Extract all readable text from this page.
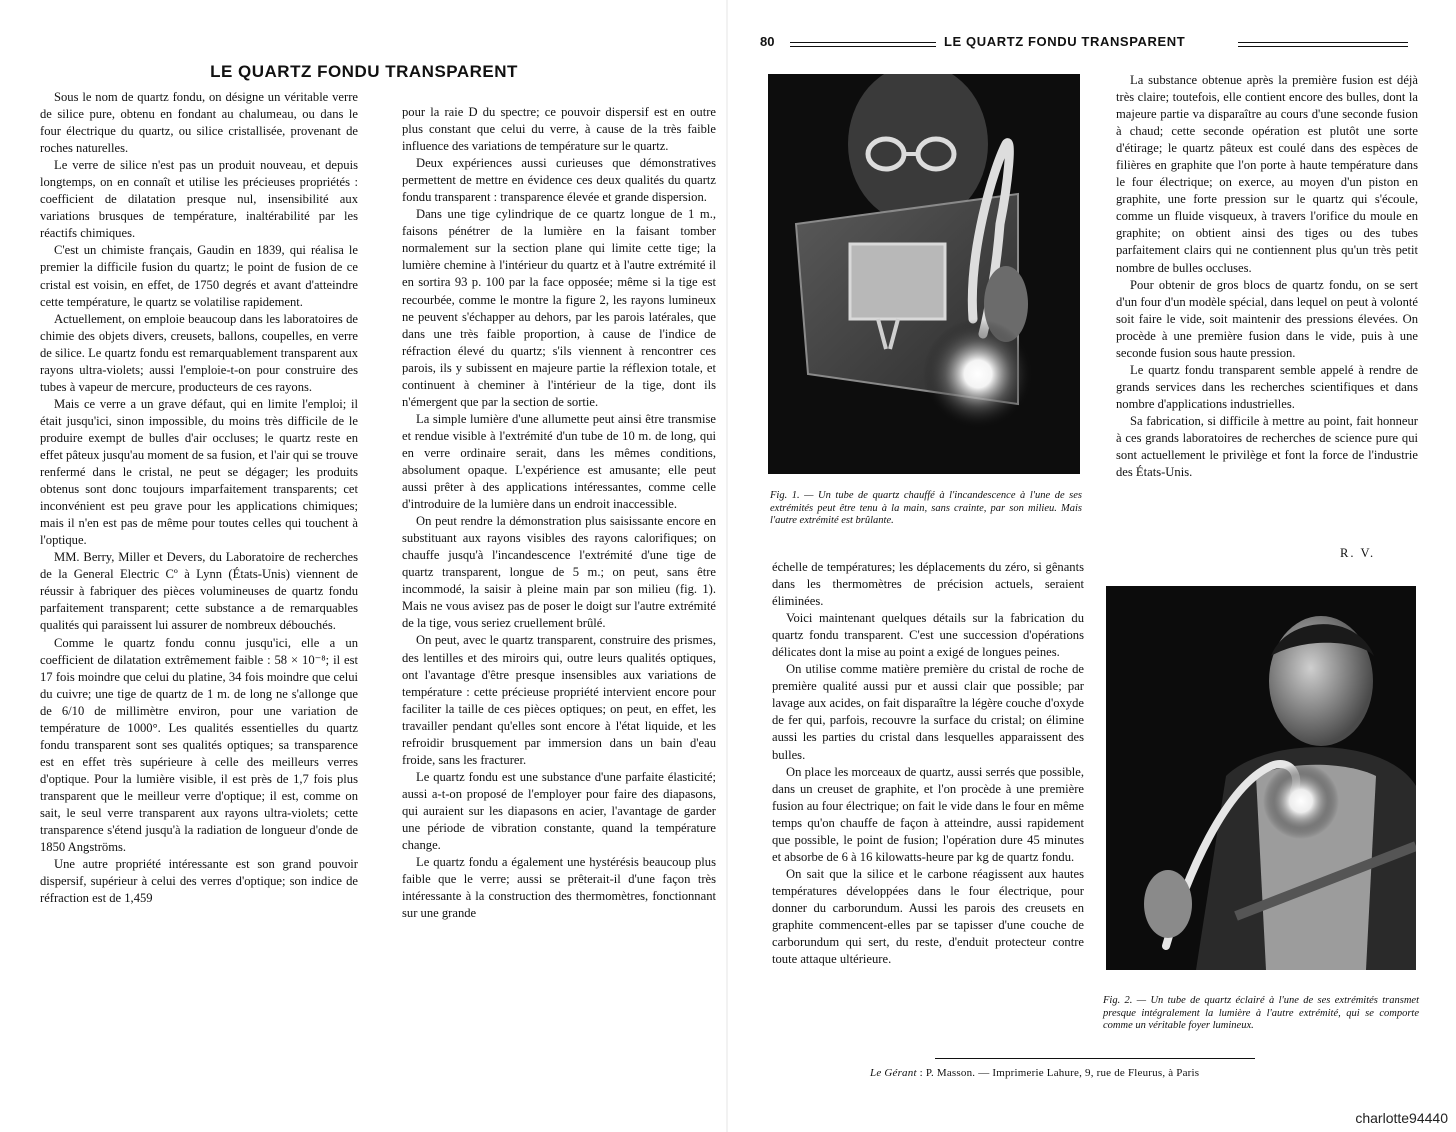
LE QUARTZ FONDU TRANSPARENT

Sous le nom de quartz fondu, on désigne un véritable verre de silice pure, obtenu en fondant au chalumeau, ou dans le four électrique du quartz, ou silice cristallisée, provenant de roches naturelles.

Le verre de silice n'est pas un produit nouveau, et depuis longtemps, on en connaît et utilise les précieuses propriétés : coefficient de dilatation presque nul, insensibilité aux variations brusques de température, inaltérabilité par les réactifs chimiques.

C'est un chimiste français, Gaudin en 1839, qui réalisa le premier la difficile fusion du quartz; le point de fusion de ce cristal est voisin, en effet, de 1750 degrés et avant d'atteindre cette température, le quartz se volatilise rapidement.

Actuellement, on emploie beaucoup dans les laboratoires de chimie des objets divers, creusets, ballons, coupelles, en verre de silice. Le quartz fondu est remarquablement transparent aux rayons ultra-violets; aussi l'emploie-t-on pour construire des tubes à vapeur de mercure, producteurs de ces rayons.

Mais ce verre a un grave défaut, qui en limite l'emploi; il était jusqu'ici, sinon impossible, du moins très difficile de le produire exempt de bulles d'air occluses; le quartz reste en effet pâteux jusqu'au moment de sa fusion, et l'air qui se trouve renfermé dans le cristal, ne peut se dégager; les produits obtenus sont donc toujours imparfaitement transparents; cet inconvénient est peu grave pour les applications chimiques; mais il n'en est pas de même pour toutes celles qui touchent à l'optique.

MM. Berry, Miller et Devers, du Laboratoire de recherches de la General Electric Cº à Lynn (États-Unis) viennent de réussir à fabriquer des pièces volumineuses de quartz fondu parfaitement transparent; cette substance a de remarquables qualités qui paraissent lui assurer de nombreux débouchés.

Comme le quartz fondu connu jusqu'ici, elle a un coefficient de dilatation extrêmement faible : 58 × 10⁻⁸; il est 17 fois moindre que celui du platine, 34 fois moindre que celui du cuivre; une tige de quartz de 1 m. de long ne s'allonge que de 6/10 de millimètre environ, pour une variation de température de 1000°. Les qualités essentielles du quartz fondu transparent sont ses qualités optiques; sa transparence est en effet très supérieure à celle des meilleurs verres d'optique. Pour la lumière visible, il est près de 1,7 fois plus transparent que le meilleur verre d'optique; il est, comme on sait, le seul verre transparent aux rayons ultra-violets; cette transparence s'étend jusqu'à la radiation de longueur d'onde de 1850 Angströms.

Une autre propriété intéressante est son grand pouvoir dispersif, supérieur à celui des verres d'optique; son indice de réfraction est de 1,459

pour la raie D du spectre; ce pouvoir dispersif est en outre plus constant que celui du verre, à cause de la très faible influence des variations de température sur le quartz.

Deux expériences aussi curieuses que démonstratives permettent de mettre en évidence ces deux qualités du quartz fondu transparent : transparence élevée et grande dispersion.

Dans une tige cylindrique de ce quartz longue de 1 m., faisons pénétrer de la lumière en la faisant tomber normalement sur la section plane qui limite cette tige; la lumière chemine à l'intérieur du quartz et à l'autre extrémité il en sortira 93 p. 100 par la face opposée; même si la tige est recourbée, comme le montre la figure 2, les rayons lumineux ne peuvent s'échapper au dehors, par les parois latérales, que dans une très faible proportion, à cause de l'indice de réfraction élevé du quartz; s'ils viennent à rencontrer ces parois, ils y subissent en majeure partie la réflexion totale, et continuent à cheminer à l'intérieur de la tige, dont ils n'émergent que par la section de sortie.

La simple lumière d'une allumette peut ainsi être transmise et rendue visible à l'extrémité d'un tube de 10 m. de long, qui en verre ordinaire serait, dans les mêmes conditions, absolument opaque. L'expérience est amusante; elle peut aussi prêter à des applications intéressantes, comme celle d'introduire de la lumière dans un endroit inaccessible.

On peut rendre la démonstration plus saisissante encore en substituant aux rayons visibles des rayons calorifiques; on chauffe jusqu'à l'incandescence l'extrémité d'une tige de quartz transparent, longue de 5 m.; on peut, sans être incommodé, la saisir à pleine main par son milieu (fig. 1). Mais ne vous avisez pas de poser le doigt sur l'autre extrémité de la tige, vous seriez cruellement brûlé.

On peut, avec le quartz transparent, construire des prismes, des lentilles et des miroirs qui, outre leurs qualités optiques, ont l'avantage d'être presque insensibles aux variations de température : cette précieuse propriété intervient encore pour faciliter la taille de ces pièces optiques; on peut, en effet, les travailler pendant qu'elles sont encore à l'état liquide, et les refroidir brusquement par immersion dans un bain d'eau froide, sans les fracturer.

Le quartz fondu est une substance d'une parfaite élasticité; aussi a-t-on proposé de l'employer pour faire des diapasons, qui auraient sur les diapasons en acier, l'avantage de garder une période de vibration constante, quand la température change.

Le quartz fondu a également une hystérésis beaucoup plus faible que le verre; aussi se prêterait-il d'une façon très intéressante à la construction des thermomètres, fonctionnant sur une grande

80	LE QUARTZ FONDU TRANSPARENT
Fig. 1. — Un tube de quartz chauffé à l'incandescence à l'une de ses extrémités peut être tenu à la main, sans crainte, par son milieu. Mais l'autre extrémité est brûlante.

La substance obtenue après la première fusion est déjà très claire; toutefois, elle contient encore des bulles, dont la majeure partie va disparaître au cours d'une seconde fusion à chaud; cette seconde opération est plutôt une sorte d'étirage; le quartz pâteux est coulé dans des espèces de filières en graphite que l'on porte à haute température dans le four électrique; on exerce, au moyen d'un piston en graphite, une forte pression sur le quartz qui s'écoule, comme un fluide visqueux, à travers l'orifice du moule en graphite; on obtient ainsi des tiges ou des tubes parfaitement clairs qui ne contiennent plus qu'un très petit nombre de bulles occluses.

Pour obtenir de gros blocs de quartz fondu, on se sert d'un four d'un modèle spécial, dans lequel on peut à volonté soit faire le vide, soit maintenir des pressions élevées. On procède à une première fusion dans le vide, puis à une seconde fusion sous haute pression.

Le quartz fondu transparent semble appelé à rendre de grands services dans les recherches scientifiques et dans nombre d'applications industrielles.

Sa fabrication, si difficile à mettre au point, fait honneur à ces grands laboratoires de recherches de science pure qui sont actuellement le privilège et font la force de l'industrie des États-Unis.

R. V.

échelle de températures; les déplacements du zéro, si gênants dans les thermomètres de précision actuels, seraient éliminées.

Voici maintenant quelques détails sur la fabrication du quartz fondu transparent. C'est une succession d'opérations délicates dont la mise au point a exigé de longues peines.

On utilise comme matière première du cristal de roche de première qualité aussi pur et aussi clair que possible; par lavage aux acides, on fait disparaître la légère couche d'oxyde de fer qui, parfois, recouvre la surface du cristal; on élimine aussi les parties du cristal dans lesquelles apparaissent des bulles.

On place les morceaux de quartz, aussi serrés que possible, dans un creuset de graphite, et l'on procède à une première fusion au four électrique; on fait le vide dans le four en même temps qu'on chauffe de façon à atteindre, aussi rapidement que possible, le point de fusion; l'opération dure 45 minutes et absorbe de 6 à 16 kilowatts-heure par kg de quartz fondu.

On sait que la silice et le carbone réagissent aux hautes températures développées dans le four électrique, pour donner du carborundum. Aussi les parois des creusets en graphite commencent-elles par se tapisser d'une couche de carborundum qui sert, du reste, d'enduit protecteur contre toute attaque ultérieure.

Fig. 2. — Un tube de quartz éclairé à l'une de ses extrémités transmet presque intégralement la lumière à l'autre extrémité, qui se comporte comme un véritable foyer lumineux.
Le Gérant : P. Masson. — Imprimerie Lahure, 9, rue de Fleurus, à Paris
charlotte94440
